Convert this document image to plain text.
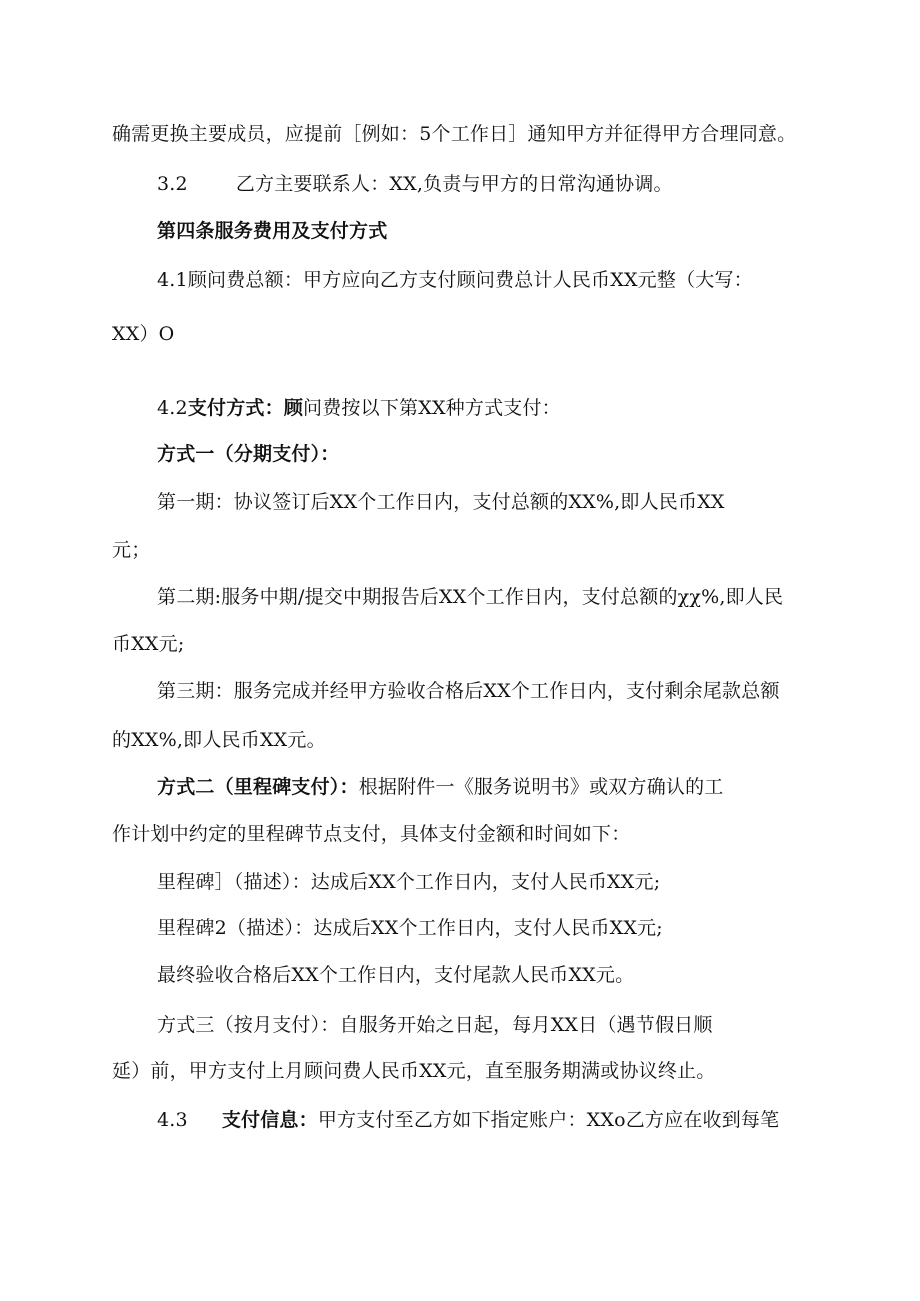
确需更换主要成员，应提前［例如：5个工作日］通知甲方并征得甲方合理同意。
3.2	乙方主要联系人：XX,负责与甲方的日常沟通协调。
第四条服务费用及支付方式
4.1顾问费总额：甲方应向乙方支付顾问费总计人民币XX元整（大写：
XX）O
4.2支付方式：顾问费按以下第XX种方式支付：
方式一（分期支付）：
第一期：协议签订后XX个工作日内，支付总额的XX%,即人民币XX
元；
第二期:服务中期/提交中期报告后XX个工作日内，支付总额的χχ%,即人民
币XX元;
第三期：服务完成并经甲方验收合格后XX个工作日内，支付剩余尾款总额
的XX%,即人民币XX元。
方式二（里程碑支付）：根据附件一《服务说明书》或双方确认的工
作计划中约定的里程碑节点支付，具体支付金额和时间如下：
里程碑］（描述）：达成后XX个工作日内，支付人民币XX元;
里程碑2（描述）：达成后XX个工作日内，支付人民币XX元;
最终验收合格后XX个工作日内，支付尾款人民币XX元。
方式三（按月支付）：自服务开始之日起，每月XX日（遇节假日顺
延）前，甲方支付上月顾问费人民币XX元，直至服务期满或协议终止。
4.3 支付信息：甲方支付至乙方如下指定账户：XXo乙方应在收到每笔
